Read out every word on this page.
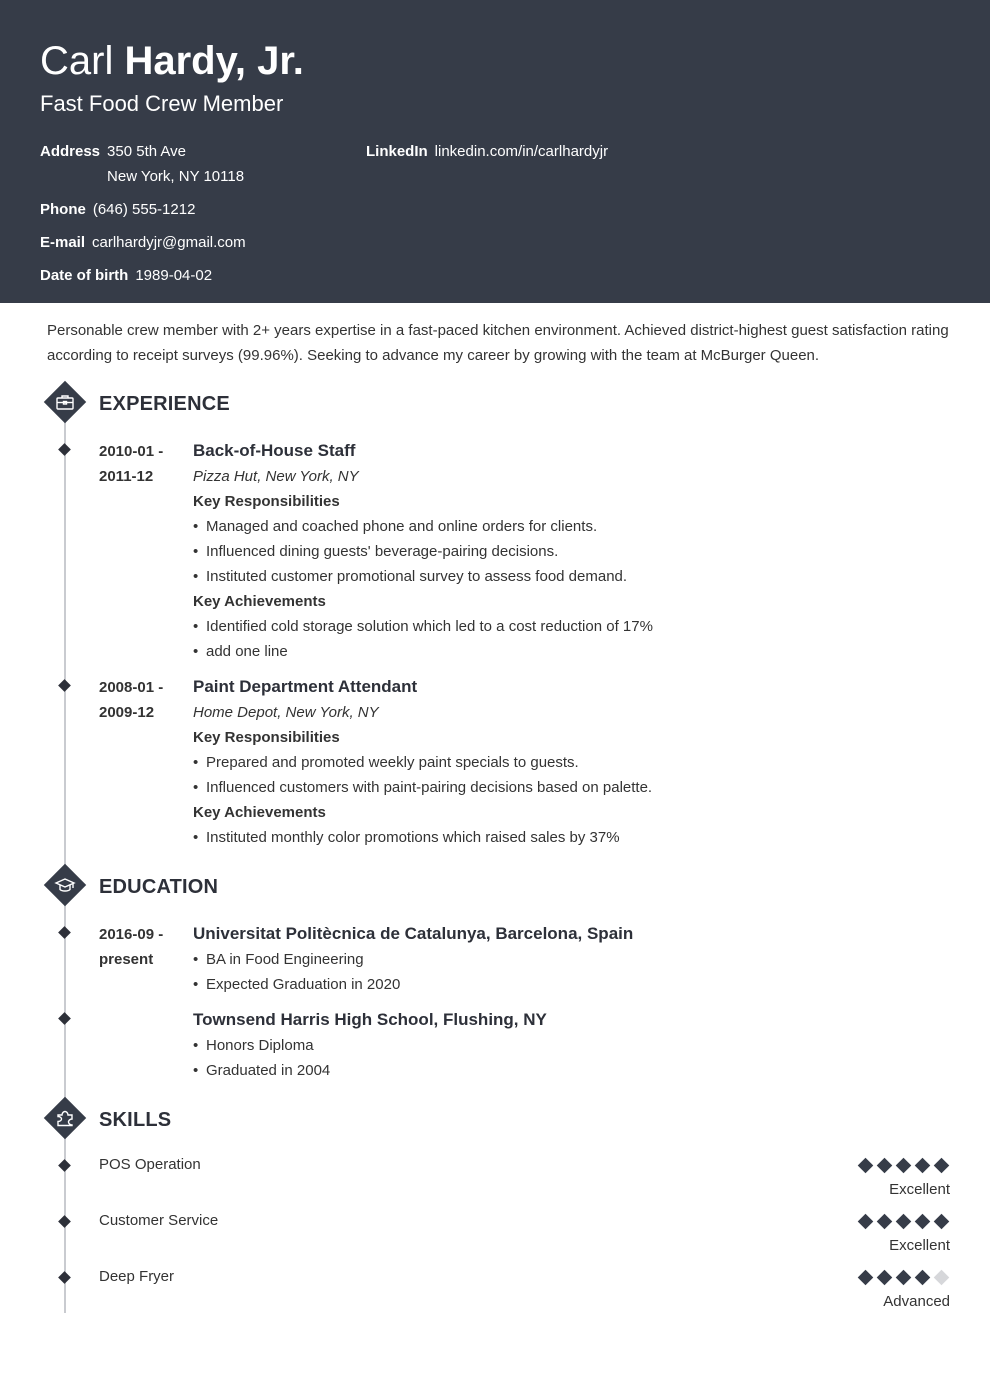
Carl Hardy, Jr.
Fast Food Crew Member
Address 350 5th Ave
New York, NY 10118
LinkedIn linkedin.com/in/carlhardyjr
Phone (646) 555-1212
E-mail carlhardyjr@gmail.com
Date of birth 1989-04-02
Personable crew member with 2+ years expertise in a fast-paced kitchen environment. Achieved district-highest guest satisfaction rating according to receipt surveys (99.96%). Seeking to advance my career by growing with the team at McBurger Queen.
EXPERIENCE
2010-01 -
2011-12
Back-of-House Staff
Pizza Hut, New York, NY
Key Responsibilities
• Managed and coached phone and online orders for clients.
• Influenced dining guests' beverage-pairing decisions.
• Instituted customer promotional survey to assess food demand.
Key Achievements
• Identified cold storage solution which led to a cost reduction of 17%
• add one line
2008-01 -
2009-12
Paint Department Attendant
Home Depot, New York, NY
Key Responsibilities
• Prepared and promoted weekly paint specials to guests.
• Influenced customers with paint-pairing decisions based on palette.
Key Achievements
• Instituted monthly color promotions which raised sales by 37%
EDUCATION
2016-09 -
present
Universitat Politècnica de Catalunya, Barcelona, Spain
• BA in Food Engineering
• Expected Graduation in 2020
Townsend Harris High School, Flushing, NY
• Honors Diploma
• Graduated in 2004
SKILLS
POS Operation
Excellent
Customer Service
Excellent
Deep Fryer
Advanced
